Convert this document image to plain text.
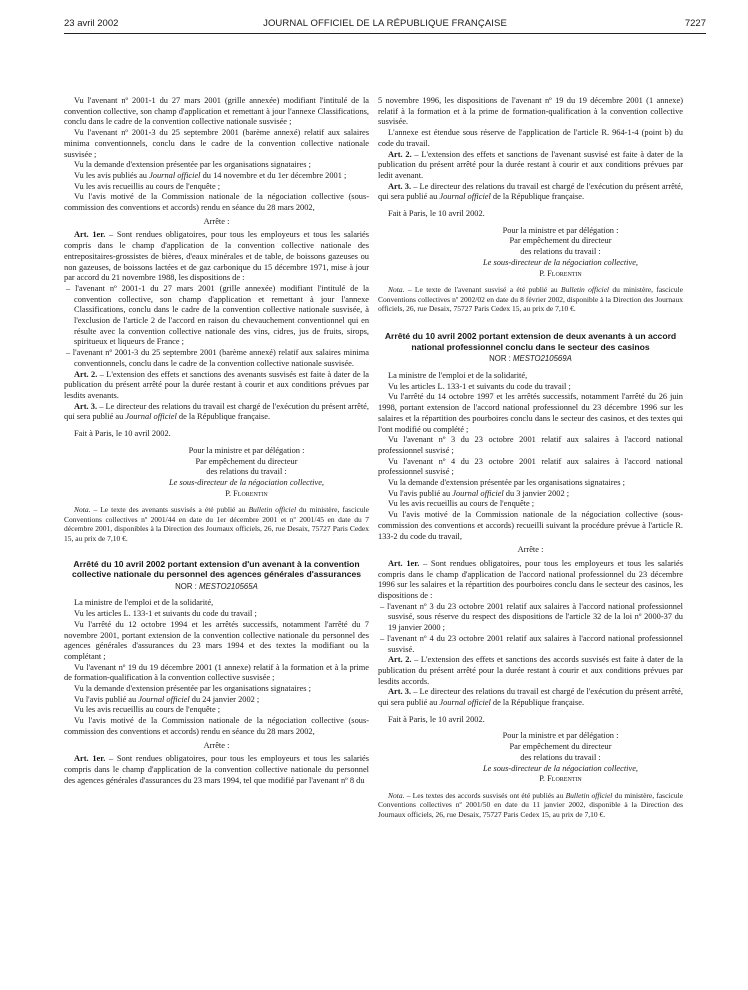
23 avril 2002	JOURNAL OFFICIEL DE LA RÉPUBLIQUE FRANÇAISE	7227

Vu l'avenant nº 2001-1 du 27 mars 2001 (grille annexée) modifiant l'intitulé de la convention collective, son champ d'application et remettant à jour l'annexe Classifications, conclu dans le cadre de la convention collective nationale susvisée ;

Vu l'avenant nº 2001-3 du 25 septembre 2001 (barème annexé) relatif aux salaires minima conventionnels, conclu dans le cadre de la convention collective nationale susvisée ;

Vu la demande d'extension présentée par les organisations signataires ;

Vu les avis publiés au Journal officiel du 14 novembre et du 1er décembre 2001 ;

Vu les avis recueillis au cours de l'enquête ;

Vu l'avis motivé de la Commission nationale de la négociation collective (sous-commission des conventions et accords) rendu en séance du 28 mars 2002,

Arrête :

Art. 1er. – Sont rendues obligatoires, pour tous les employeurs et tous les salariés compris dans le champ d'application de la convention collective nationale des entrepositaires-grossistes de bières, d'eaux minérales et de table, de boissons gazeuses ou non gazeuses, de boissons lactées et de gaz carbonique du 15 décembre 1971, mise à jour par accord du 21 novembre 1988, les dispositions de :

– l'avenant nº 2001-1 du 27 mars 2001 (grille annexée) modifiant l'intitulé de la convention collective, son champ d'application et remettant à jour l'annexe Classifications, conclu dans le cadre de la convention collective nationale susvisée, à l'exclusion de l'article 2 de l'accord en raison du chevauchement conventionnel qui en résulte avec la convention collective nationale des vins, cidres, jus de fruits, sirops, spiritueux et liqueurs de France ;

– l'avenant nº 2001-3 du 25 septembre 2001 (barème annexé) relatif aux salaires minima conventionnels, conclu dans le cadre de la convention collective nationale susvisée.

Art. 2. – L'extension des effets et sanctions des avenants susvisés est faite à dater de la publication du présent arrêté pour la durée restant à courir et aux conditions prévues par lesdits avenants.

Art. 3. – Le directeur des relations du travail est chargé de l'exécution du présent arrêté, qui sera publié au Journal officiel de la République française.

Fait à Paris, le 10 avril 2002.

Pour la ministre et par délégation :

Par empêchement du directeur

des relations du travail :

Le sous-directeur de la négociation collective,

P. Florentin

Nota. – Le texte des avenants susvisés a été publié au Bulletin officiel du ministère, fascicule Conventions collectives nº 2001/44 en date du 1er décembre 2001 et nº 2001/45 en date du 7 décembre 2001, disponibles à la Direction des Journaux officiels, 26, rue Desaix, 75727 Paris Cedex 15, au prix de 7,10 €.

Arrêté du 10 avril 2002 portant extension d'un avenant à la convention collective nationale du personnel des agences générales d'assurances

NOR : MESTO210565A

La ministre de l'emploi et de la solidarité,

Vu les articles L. 133-1 et suivants du code du travail ;

Vu l'arrêté du 12 octobre 1994 et les arrêtés successifs, notamment l'arrêté du 7 novembre 2001, portant extension de la convention collective nationale du personnel des agences générales d'assurances du 23 mars 1994 et des textes la modifiant ou la complétant ;

Vu l'avenant nº 19 du 19 décembre 2001 (1 annexe) relatif à la formation et à la prime de formation-qualification à la convention collective susvisée ;

Vu la demande d'extension présentée par les organisations signataires ;

Vu l'avis publié au Journal officiel du 24 janvier 2002 ;

Vu les avis recueillis au cours de l'enquête ;

Vu l'avis motivé de la Commission nationale de la négociation collective (sous-commission des conventions et accords) rendu en séance du 28 mars 2002,

Arrête :

Art. 1er. – Sont rendues obligatoires, pour tous les employeurs et tous les salariés compris dans le champ d'application de la convention collective nationale du personnel des agences générales d'assurances du 23 mars 1994, tel que modifié par l'avenant nº 8 du

5 novembre 1996, les dispositions de l'avenant nº 19 du 19 décembre 2001 (1 annexe) relatif à la formation et à la prime de formation-qualification à la convention collective susvisée.

L'annexe est étendue sous réserve de l'application de l'article R. 964-1-4 (point b) du code du travail.

Art. 2. – L'extension des effets et sanctions de l'avenant susvisé est faite à dater de la publication du présent arrêté pour la durée restant à courir et aux conditions prévues par ledit avenant.

Art. 3. – Le directeur des relations du travail est chargé de l'exécution du présent arrêté, qui sera publié au Journal officiel de la République française.

Fait à Paris, le 10 avril 2002.

Pour la ministre et par délégation :

Par empêchement du directeur

des relations du travail :

Le sous-directeur de la négociation collective,

P. Florentin

Nota. – Le texte de l'avenant susvisé a été publié au Bulletin officiel du ministère, fascicule Conventions collectives nº 2002/02 en date du 8 février 2002, disponible à la Direction des Journaux officiels, 26, rue Desaix, 75727 Paris Cedex 15, au prix de 7,10 €.

Arrêté du 10 avril 2002 portant extension de deux avenants à un accord national professionnel conclu dans le secteur des casinos

NOR : MESTO210569A

La ministre de l'emploi et de la solidarité,

Vu les articles L. 133-1 et suivants du code du travail ;

Vu l'arrêté du 14 octobre 1997 et les arrêtés successifs, notamment l'arrêté du 26 juin 1998, portant extension de l'accord national professionnel du 23 décembre 1996 sur les salaires et la répartition des pourboires conclu dans le secteur des casinos, et des textes qui l'ont modifié ou complété ;

Vu l'avenant nº 3 du 23 octobre 2001 relatif aux salaires à l'accord national professionnel susvisé ;

Vu l'avenant nº 4 du 23 octobre 2001 relatif aux salaires à l'accord national professionnel susvisé ;

Vu la demande d'extension présentée par les organisations signataires ;

Vu l'avis publié au Journal officiel du 3 janvier 2002 ;

Vu les avis recueillis au cours de l'enquête ;

Vu l'avis motivé de la Commission nationale de la négociation collective (sous-commission des conventions et accords) recueilli suivant la procédure prévue à l'article R. 133-2 du code du travail,

Arrête :

Art. 1er. – Sont rendues obligatoires, pour tous les employeurs et tous les salariés compris dans le champ d'application de l'accord national professionnel du 23 décembre 1996 sur les salaires et la répartition des pourboires conclu dans le secteur des casinos, les dispositions de :

– l'avenant nº 3 du 23 octobre 2001 relatif aux salaires à l'accord national professionnel susvisé, sous réserve du respect des dispositions de l'article 32 de la loi nº 2000-37 du 19 janvier 2000 ;

– l'avenant nº 4 du 23 octobre 2001 relatif aux salaires à l'accord national professionnel susvisé.

Art. 2. – L'extension des effets et sanctions des accords susvisés est faite à dater de la publication du présent arrêté pour la durée restant à courir et aux conditions prévues par lesdits accords.

Art. 3. – Le directeur des relations du travail est chargé de l'exécution du présent arrêté, qui sera publié au Journal officiel de la République française.

Fait à Paris, le 10 avril 2002.

Pour la ministre et par délégation :

Par empêchement du directeur

des relations du travail :

Le sous-directeur de la négociation collective,

P. Florentin

Nota. – Les textes des accords susvisés ont été publiés au Bulletin officiel du ministère, fascicule Conventions collectives nº 2001/50 en date du 11 janvier 2002, disponible à la Direction des Journaux officiels, 26, rue Desaix, 75727 Paris Cedex 15, au prix de 7,10 €.
